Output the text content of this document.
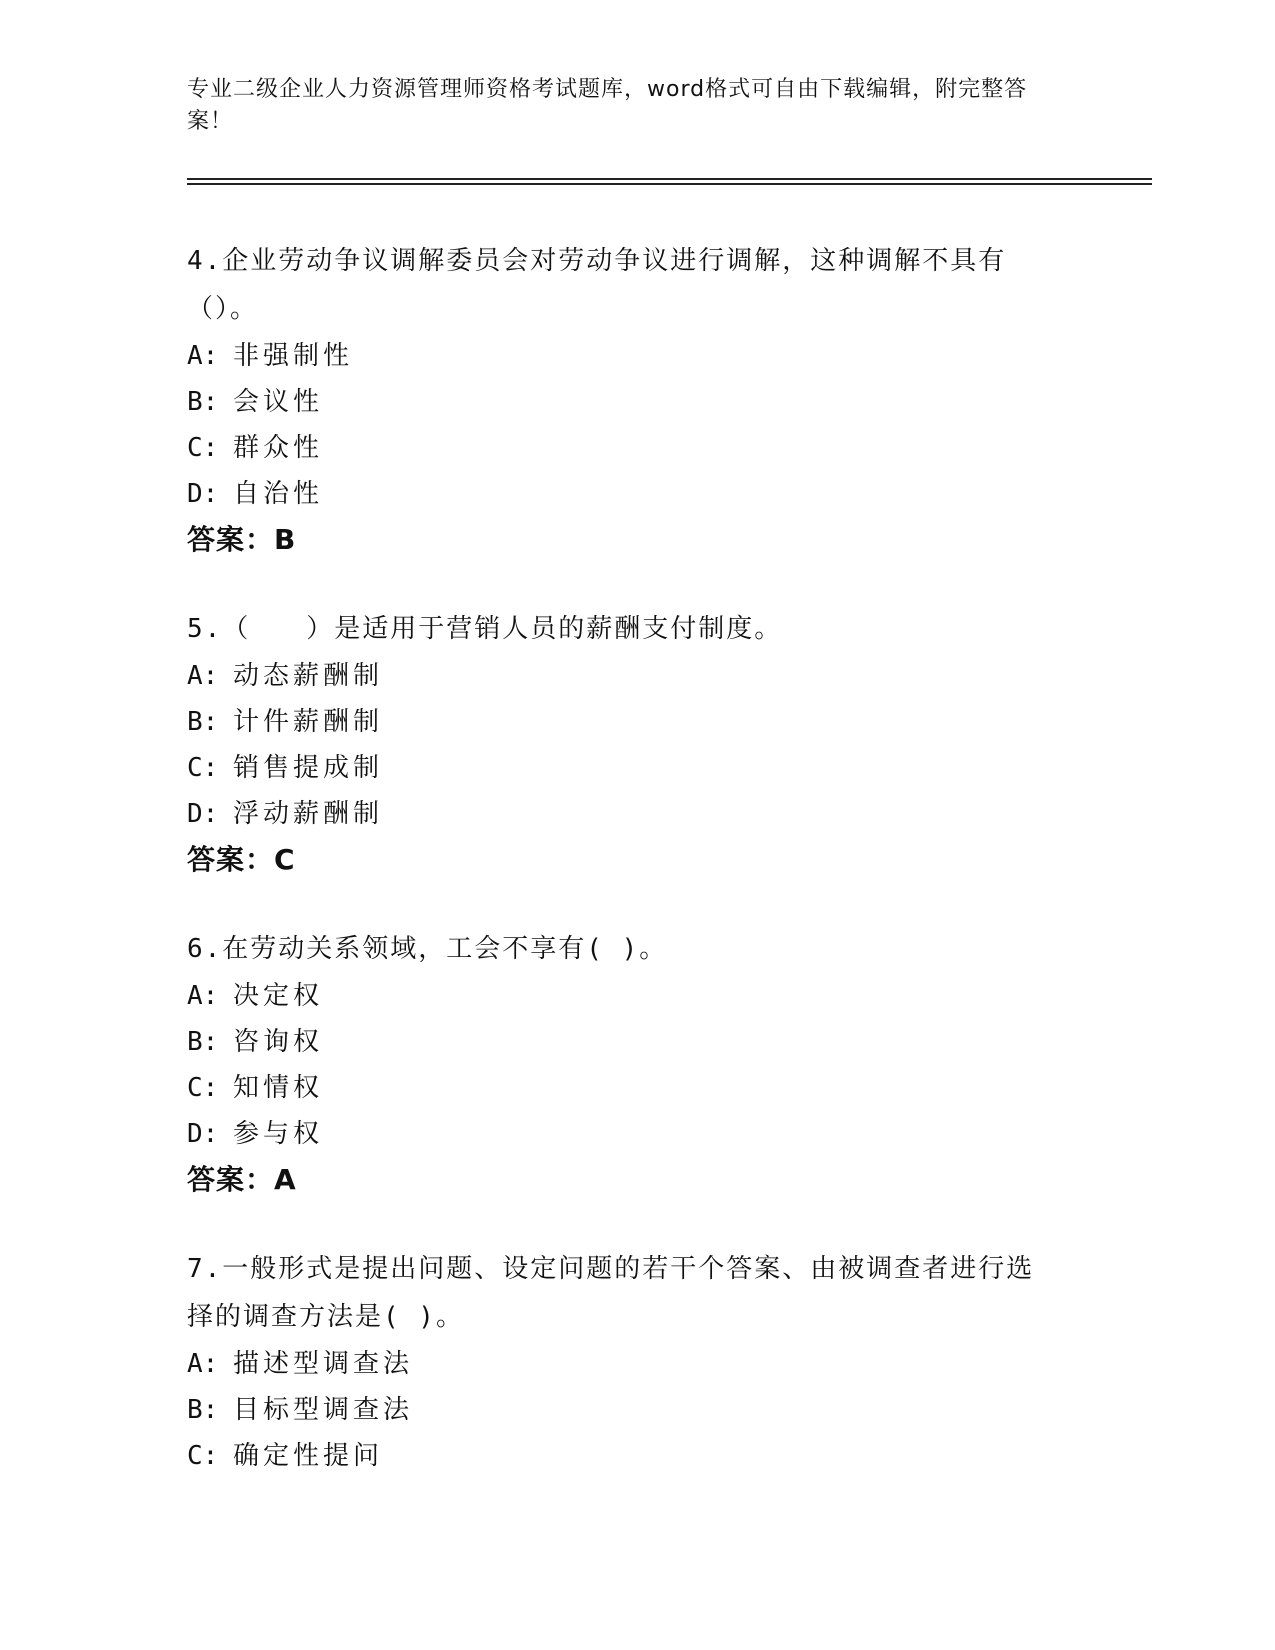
专业二级企业人力资源管理师资格考试题库，word格式可自由下载编辑，附完整答案！
4.企业劳动争议调解委员会对劳动争议进行调解，这种调解不具有（）。
A: 非强制性
B: 会议性
C: 群众性
D: 自治性
答案：B
5.（　　）是适用于营销人员的薪酬支付制度。
A: 动态薪酬制
B: 计件薪酬制
C: 销售提成制
D: 浮动薪酬制
答案：C
6.在劳动关系领域，工会不享有( )。
A: 决定权
B: 咨询权
C: 知情权
D: 参与权
答案：A
7.一般形式是提出问题、设定问题的若干个答案、由被调查者进行选择的调查方法是( )。
A: 描述型调查法
B: 目标型调查法
C: 确定性提问
